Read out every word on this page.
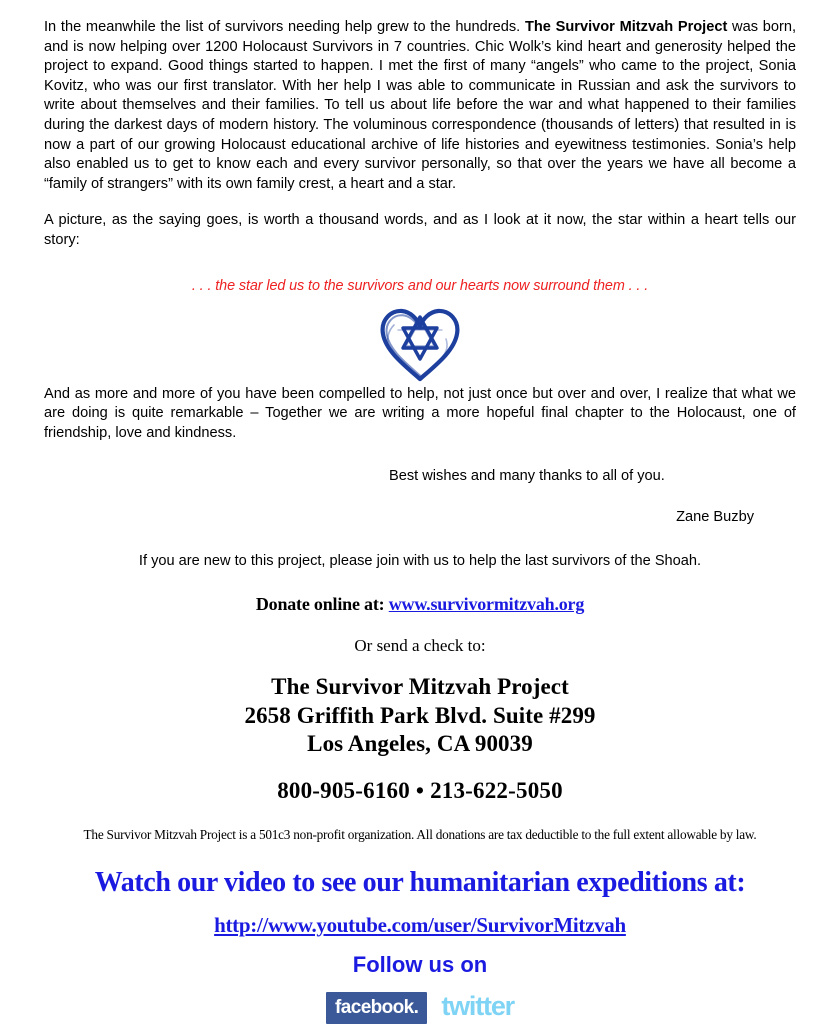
In the meanwhile the list of survivors needing help grew to the hundreds. The Survivor Mitzvah Project was born, and is now helping over 1200 Holocaust Survivors in 7 countries. Chic Wolk’s kind heart and generosity helped the project to expand. Good things started to happen. I met the first of many “angels” who came to the project, Sonia Kovitz, who was our first translator. With her help I was able to communicate in Russian and ask the survivors to write about themselves and their families. To tell us about life before the war and what happened to their families during the darkest days of modern history. The voluminous correspondence (thousands of letters) that resulted in is now a part of our growing Holocaust educational archive of life histories and eyewitness testimonies. Sonia’s help also enabled us to get to know each and every survivor personally, so that over the years we have all become a “family of strangers” with its own family crest, a heart and a star.

A picture, as the saying goes, is worth a thousand words, and as I look at it now, the star within a heart tells our story:

. . . the star led us to the survivors and our hearts now surround them . . .

And as more and more of you have been compelled to help, not just once but over and over, I realize that what we are doing is quite remarkable – Together we are writing a more hopeful final chapter to the Holocaust, one of friendship, love and kindness.

Best wishes and many thanks to all of you.

Zane Buzby

If you are new to this project, please join with us to help the last survivors of the Shoah.

Donate online at: www.survivormitzvah.org

Or send a check to:

The Survivor Mitzvah Project

2658 Griffith Park Blvd. Suite #299

Los Angeles, CA 90039

800-905-6160 • 213-622-5050

The Survivor Mitzvah Project is a 501c3 non-profit organization. All donations are tax deductible to the full extent allowable by law.

Watch our video to see our humanitarian expeditions at:

http://www.youtube.com/user/SurvivorMitzvah

Follow us on

facebook. twitter
